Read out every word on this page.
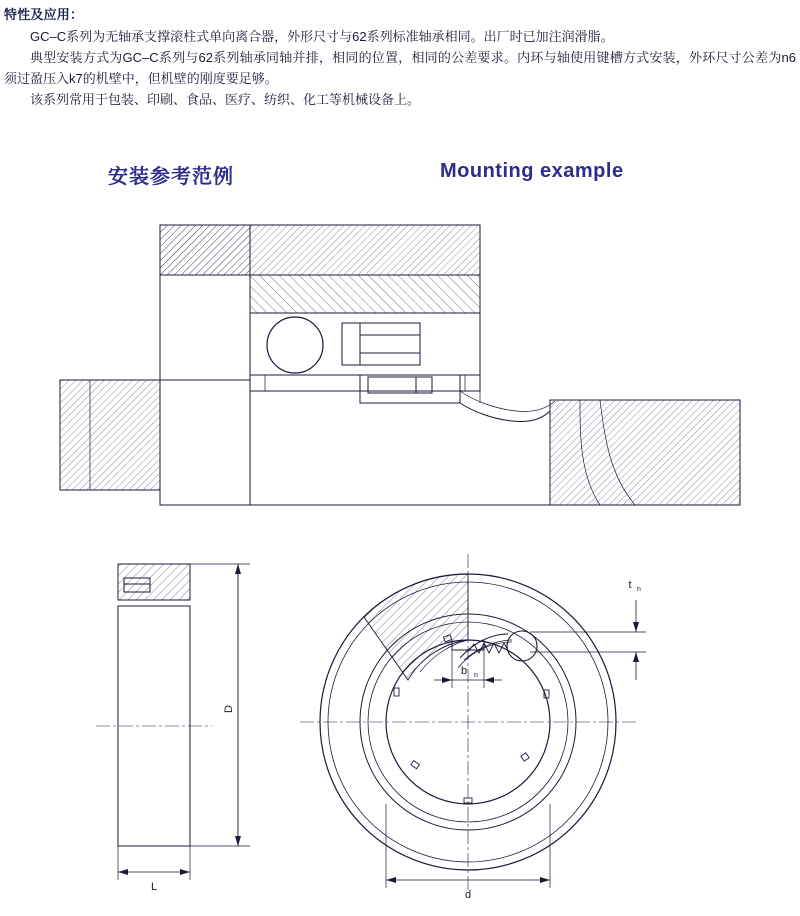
特性及应用：

GC–C系列为无轴承支撑滚柱式单向离合器，外形尺寸与62系列标准轴承相同。出厂时已加注润滑脂。

典型安装方式为GC–C系列与62系列轴承同轴并排，相同的位置，相同的公差要求。内环与轴使用键槽方式安装，外环尺寸公差为n6须过盈压入k7的机壁中，但机壁的刚度要足够。

该系列常用于包装、印刷、食品、医疗、纺织、化工等机械设备上。

安装参考范例	Mounting example
D
L
b n
t n
d
